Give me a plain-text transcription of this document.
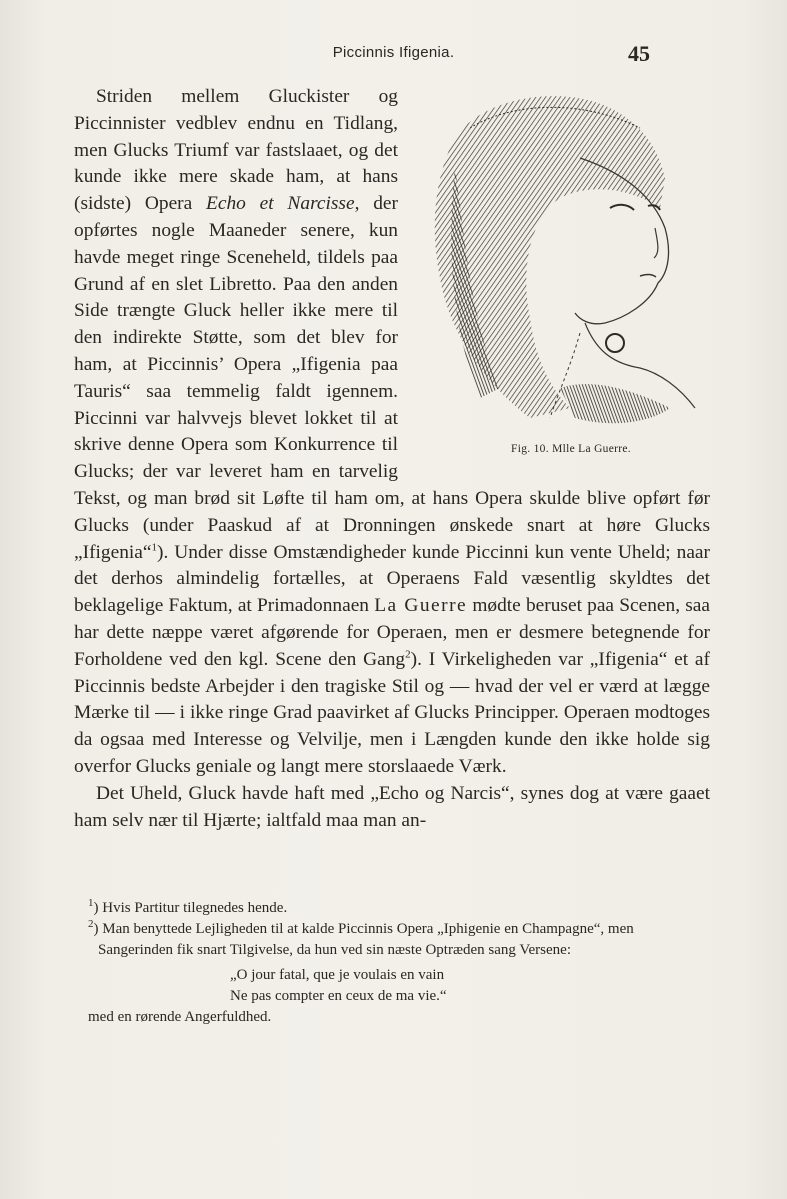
Piccinnis Ifigenia.	45

Fig. 10. Mlle La Guerre.
Striden mellem Gluckister og Piccinnister vedblev endnu en Tidlang, men Glucks Triumf var fastslaaet, og det kunde ikke mere skade ham, at hans (sidste) Opera Echo et Narcisse, der opførtes nogle Maaneder senere, kun havde meget ringe Sceneheld, tildels paa Grund af en slet Libretto. Paa den anden Side trængte Gluck heller ikke mere til den indirekte Støtte, som det blev for ham, at Piccinnis’ Opera „Ifigenia paa Tauris“ saa temmelig faldt igennem. Piccinni var halvvejs blevet lokket til at skrive denne Opera som Konkurrence til Glucks; der var leveret ham en tarvelig Tekst, og man brød sit Løfte til ham om, at hans Opera skulde blive opført før Glucks (under Paaskud af at Dronningen ønskede snart at høre Glucks „Ifigenia“$^1$). Under disse Omstændigheder kunde Piccinni kun vente Uheld; naar det derhos almindelig fortælles, at Operaens Fald væsentlig skyldtes det beklagelige Faktum, at Primadonnaen La Guerre mødte beruset paa Scenen, saa har dette næppe været afgørende for Operaen, men er desmere betegnende for Forholdene ved den kgl. Scene den Gang$^2$). I Virkeligheden var „Ifigenia“ et af Piccinnis bedste Arbejder i den tragiske Stil og — hvad der vel er værd at lægge Mærke til — i ikke ringe Grad paavirket af Glucks Principper. Operaen modtoges da ogsaa med Interesse og Velvilje, men i Længden kunde den ikke holde sig overfor Glucks geniale og langt mere storslaaede Værk.

Det Uheld, Gluck havde haft med „Echo og Narcis“, synes dog at være gaaet ham selv nær til Hjærte; ialtfald maa man an-

$^1$) Hvis Partitur tilegnedes hende.

$^2$) Man benyttede Lejligheden til at kalde Piccinnis Opera „Iphigenie en Champagne“, men Sangerinden fik snart Tilgivelse, da hun ved sin næste Optræden sang Versene:

„O jour fatal, que je voulais en vain
Ne pas compter en ceux de ma vie.“

med en rørende Angerfuldhed.
